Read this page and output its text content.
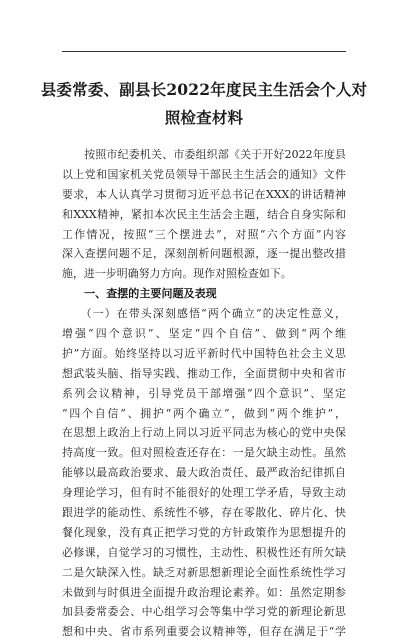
县委常委、副县长2022年度民主生活会个人对
照检查材料
　　按照市纪委机关、市委组织部《关于开好2022年度县
以上党和国家机关党员领导干部民主生活会的通知》文件
要求，本人认真学习贯彻习近平总书记在XXX的讲话精神
和XXX精神，紧扣本次民主生活会主题，结合自身实际和
工作情况，按照“三个摆进去”，对照“六个方面”内容
深入查摆问题不足，深刻剖析问题根源，逐一提出整改措
施，进一步明确努力方向。现作对照检查如下。
　　一、查摆的主要问题及表现
　　（一）在带头深刻感悟“两个确立”的决定性意义，
增强“四个意识”、坚定“四个自信”、做到“两个维
护”方面。始终坚持以习近平新时代中国特色社会主义思
想武装头脑、指导实践、推动工作，全面贯彻中央和省市
系列会议精神，引导党员干部增强“四个意识”、坚定
“四个自信”、拥护“两个确立”，做到“两个维护”，
在思想上政治上行动上同以习近平同志为核心的党中央保
持高度一致。但对照检查还存在：一是欠缺主动性。虽然
能够以最高政治要求、最大政治责任、最严政治纪律抓自
身理论学习，但有时不能很好的处理工学矛盾，导致主动
跟进学的能动性、系统性不够，存在零散化、碎片化、快
餐化现象，没有真正把学习党的方针政策作为思想提升的
必修课，自觉学习的习惯性，主动性、积极性还有所欠缺
二是欠缺深入性。缺乏对新思想新理论全面性系统性学习
未做到与时俱进全面提升政治理论素养。如：虽然定期参
加县委常委会、中心组学习会等集中学习党的新理论新思
想和中央、省市系列重要会议精神等，但存在满足于“学
